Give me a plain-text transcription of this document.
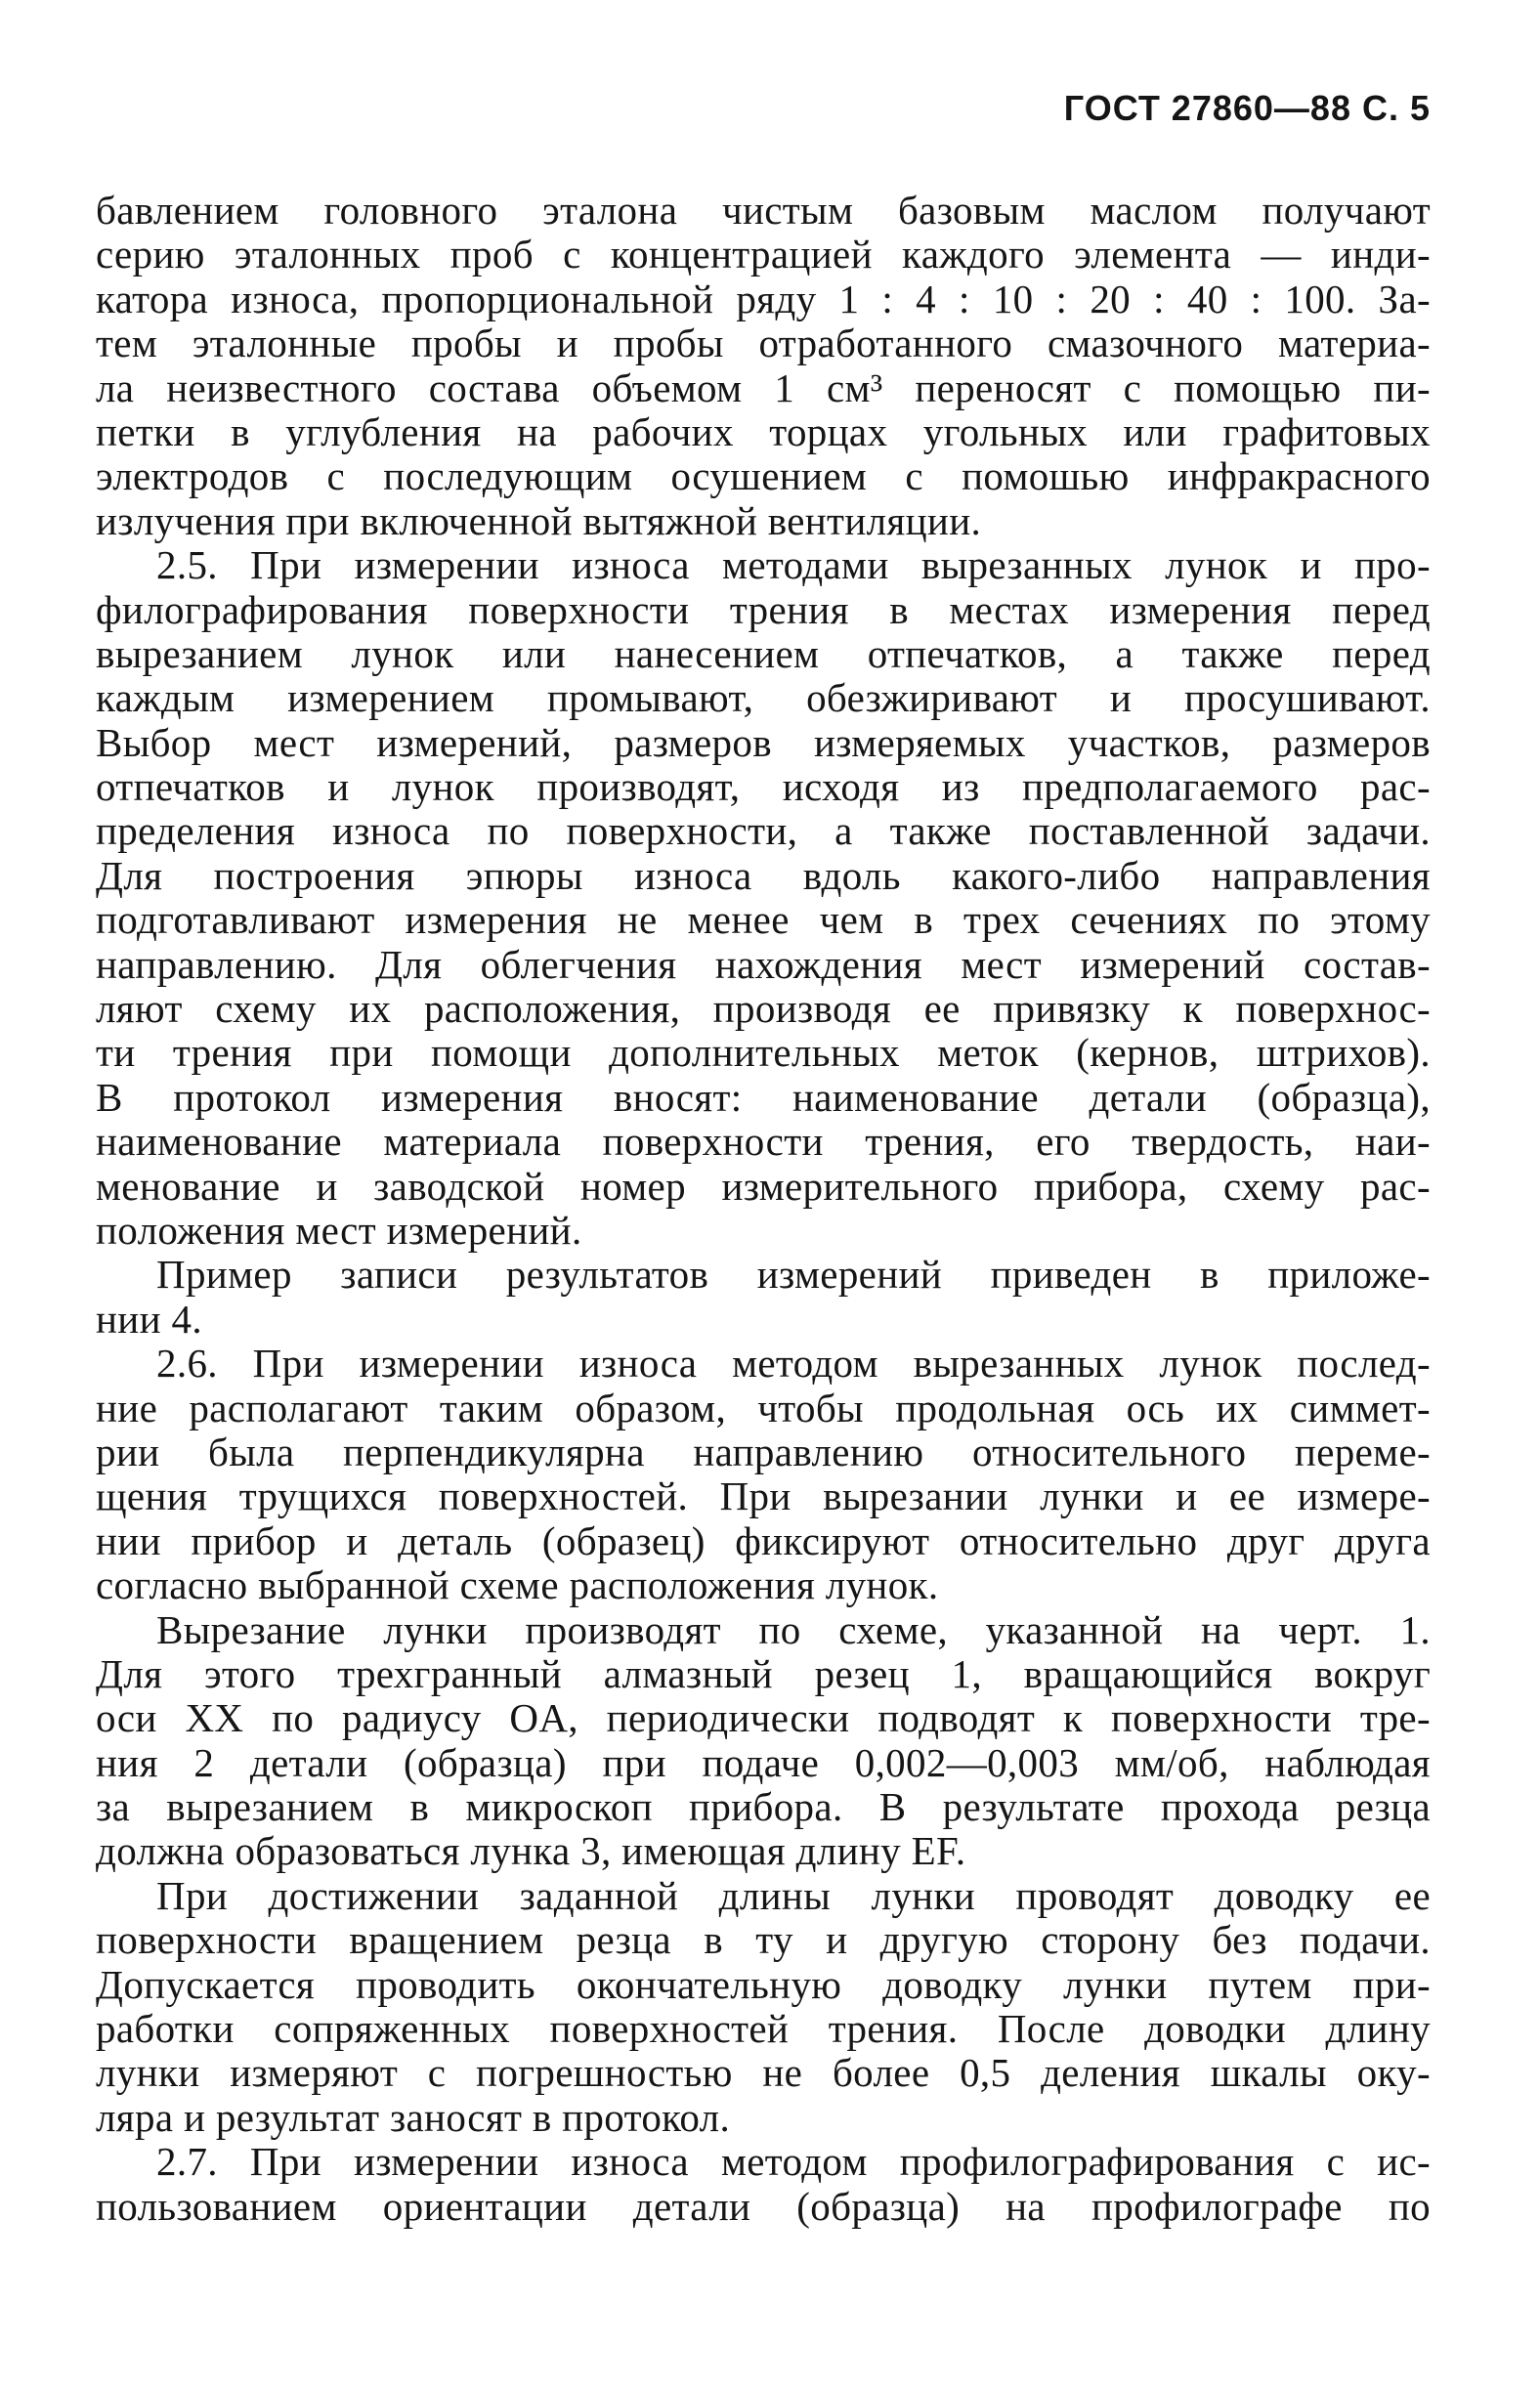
ГОСТ 27860—88 С. 5
бавлением головного эталона чистым базовым маслом получают
серию эталонных проб с концентрацией каждого элемента — инди-
катора износа, пропорциональной ряду 1 : 4 : 10 : 20 : 40 : 100. За-
тем эталонные пробы и пробы отработанного смазочного материа-
ла неизвестного состава объемом 1 см³ переносят с помощью пи-
петки в углубления на рабочих торцах угольных или графитовых
электродов с последующим осушением с помошью инфракрасного
излучения при включенной вытяжной вентиляции.
2.5. При измерении износа методами вырезанных лунок и про-
филографирования поверхности трения в местах измерения перед
вырезанием лунок или нанесением отпечатков, а также перед
каждым измерением промывают, обезжиривают и просушивают.
Выбор мест измерений, размеров измеряемых участков, размеров
отпечатков и лунок производят, исходя из предполагаемого рас-
пределения износа по поверхности, а также поставленной задачи.
Для построения эпюры износа вдоль какого-либо направления
подготавливают измерения не менее чем в трех сечениях по этому
направлению. Для облегчения нахождения мест измерений состав-
ляют схему их расположения, производя ее привязку к поверхнос-
ти трения при помощи дополнительных меток (кернов, штрихов).
В протокол измерения вносят: наименование детали (образца),
наименование материала поверхности трения, его твердость, наи-
менование и заводской номер измерительного прибора, схему рас-
положения мест измерений.
Пример записи результатов измерений приведен в приложе-
нии 4.
2.6. При измерении износа методом вырезанных лунок послед-
ние располагают таким образом, чтобы продольная ось их симмет-
рии была перпендикулярна направлению относительного переме-
щения трущихся поверхностей. При вырезании лунки и ее измере-
нии прибор и деталь (образец) фиксируют относительно друг друга
согласно выбранной схеме расположения лунок.
Вырезание лунки производят по схеме, указанной на черт. 1.
Для этого трехгранный алмазный резец 1, вращающийся вокруг
оси XX по радиусу OA, периодически подводят к поверхности тре-
ния 2 детали (образца) при подаче 0,002—0,003 мм/об, наблюдая
за вырезанием в микроскоп прибора. В результате прохода резца
должна образоваться лунка 3, имеющая длину EF.
При достижении заданной длины лунки проводят доводку ее
поверхности вращением резца в ту и другую сторону без подачи.
Допускается проводить окончательную доводку лунки путем при-
работки сопряженных поверхностей трения. После доводки длину
лунки измеряют с погрешностью не более 0,5 деления шкалы оку-
ляра и результат заносят в протокол.
2.7. При измерении износа методом профилографирования с ис-
пользованием ориентации детали (образца) на профилографе по
